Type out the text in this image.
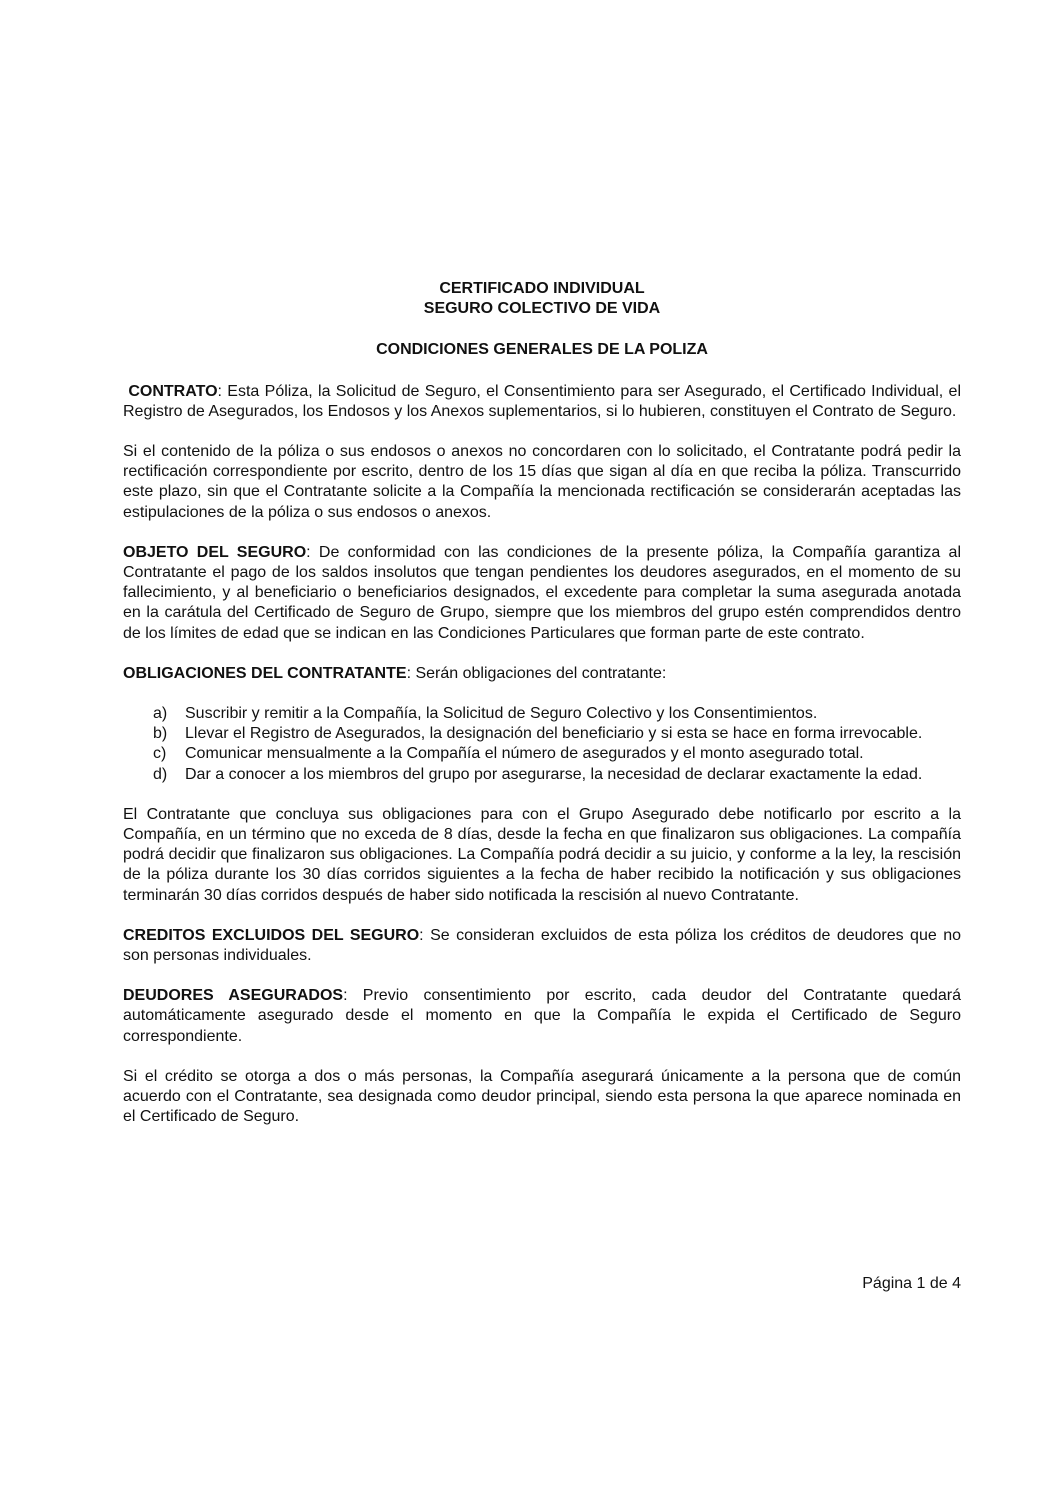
CERTIFICADO INDIVIDUAL

SEGURO COLECTIVO DE VIDA

CONDICIONES GENERALES DE LA POLIZA

CONTRATO: Esta Póliza, la Solicitud de Seguro, el Consentimiento para ser Asegurado, el Certificado Individual, el Registro de Asegurados, los Endosos y los Anexos suplementarios, si lo hubieren, constituyen el Contrato de Seguro.

Si el contenido de la póliza o sus endosos o anexos no concordaren con lo solicitado, el Contratante podrá pedir la rectificación correspondiente por escrito, dentro de los 15 días que sigan al día en que reciba la póliza. Transcurrido este plazo, sin que el Contratante solicite a la Compañía la mencionada rectificación se considerarán aceptadas las estipulaciones de la póliza o sus endosos o anexos.

OBJETO DEL SEGURO: De conformidad con las condiciones de la presente póliza, la Compañía garantiza al Contratante el pago de los saldos insolutos que tengan pendientes los deudores asegurados, en el momento de su fallecimiento, y al beneficiario o beneficiarios designados, el excedente para completar la suma asegurada anotada en la carátula del Certificado de Seguro de Grupo, siempre que los miembros del grupo estén comprendidos dentro de los límites de edad que se indican en las Condiciones Particulares que forman parte de este contrato.

OBLIGACIONES DEL CONTRATANTE: Serán obligaciones del contratante:

a) Suscribir y remitir a la Compañía, la Solicitud de Seguro Colectivo y los Consentimientos.
b) Llevar el Registro de Asegurados, la designación del beneficiario y si esta se hace en forma irrevocable.
c) Comunicar mensualmente a la Compañía el número de asegurados y el monto asegurado total.
d) Dar a conocer a los miembros del grupo por asegurarse, la necesidad de declarar exactamente la edad.

El Contratante que concluya sus obligaciones para con el Grupo Asegurado debe notificarlo por escrito a la Compañía, en un término que no exceda de 8 días, desde la fecha en que finalizaron sus obligaciones. La compañía podrá decidir que finalizaron sus obligaciones. La Compañía podrá decidir a su juicio, y conforme a la ley, la rescisión de la póliza durante los 30 días corridos siguientes a la fecha de haber recibido la notificación y sus obligaciones terminarán 30 días corridos después de haber sido notificada la rescisión al nuevo Contratante.

CREDITOS EXCLUIDOS DEL SEGURO: Se consideran excluidos de esta póliza los créditos de deudores que no son personas individuales.

DEUDORES ASEGURADOS: Previo consentimiento por escrito, cada deudor del Contratante quedará automáticamente asegurado desde el momento en que la Compañía le expida el Certificado de Seguro correspondiente.

Si el crédito se otorga a dos o más personas, la Compañía asegurará únicamente a la persona que de común acuerdo con el Contratante, sea designada como deudor principal, siendo esta persona la que aparece nominada en el Certificado de Seguro.

Página 1 de 4
